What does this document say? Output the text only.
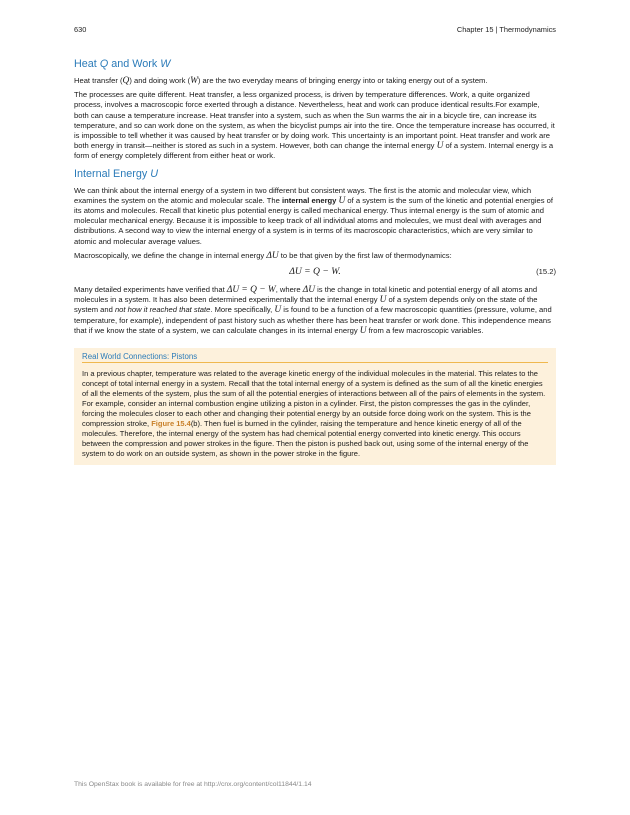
630	Chapter 15 | Thermodynamics
Heat Q and Work W

Heat transfer (Q) and doing work (W) are the two everyday means of bringing energy into or taking energy out of a system.

The processes are quite different. Heat transfer, a less organized process, is driven by temperature differences. Work, a quite organized process, involves a macroscopic force exerted through a distance. Nevertheless, heat and work can produce identical results.For example, both can cause a temperature increase. Heat transfer into a system, such as when the Sun warms the air in a bicycle tire, can increase its temperature, and so can work done on the system, as when the bicyclist pumps air into the tire. Once the temperature increase has occurred, it is impossible to tell whether it was caused by heat transfer or by doing work. This uncertainty is an important point. Heat transfer and work are both energy in transit—neither is stored as such in a system. However, both can change the internal energy U of a system. Internal energy is a form of energy completely different from either heat or work.

Internal Energy U

We can think about the internal energy of a system in two different but consistent ways. The first is the atomic and molecular view, which examines the system on the atomic and molecular scale. The internal energy U of a system is the sum of the kinetic and potential energies of its atoms and molecules. Recall that kinetic plus potential energy is called mechanical energy. Thus internal energy is the sum of atomic and molecular mechanical energy. Because it is impossible to keep track of all individual atoms and molecules, we must deal with averages and distributions. A second way to view the internal energy of a system is in terms of its macroscopic characteristics, which are very similar to atomic and molecular average values.

Macroscopically, we define the change in internal energy ΔU to be that given by the first law of thermodynamics:

ΔU = Q − W.	(15.2)

Many detailed experiments have verified that ΔU = Q − W, where ΔU is the change in total kinetic and potential energy of all atoms and molecules in a system. It has also been determined experimentally that the internal energy U of a system depends only on the state of the system and not how it reached that state. More specifically, U is found to be a function of a few macroscopic quantities (pressure, volume, and temperature, for example), independent of past history such as whether there has been heat transfer or work done. This independence means that if we know the state of a system, we can calculate changes in its internal energy U from a few macroscopic variables.

Real World Connections: Pistons

In a previous chapter, temperature was related to the average kinetic energy of the individual molecules in the material. This relates to the concept of total internal energy in a system. Recall that the total internal energy of a system is defined as the sum of all the kinetic energies of all the elements of the system, plus the sum of all the potential energies of interactions between all of the pairs of elements in the system. For example, consider an internal combustion engine utilizing a piston in a cylinder. First, the piston compresses the gas in the cylinder, forcing the molecules closer to each other and changing their potential energy by an outside force doing work on the system. This is the compression stroke, Figure 15.4(b). Then fuel is burned in the cylinder, raising the temperature and hence kinetic energy of all of the molecules. Therefore, the internal energy of the system has had chemical potential energy converted into kinetic energy. This occurs between the compression and power strokes in the figure. Then the piston is pushed back out, using some of the internal energy of the system to do work on an outside system, as shown in the power stroke in the figure.

This OpenStax book is available for free at http://cnx.org/content/col11844/1.14
